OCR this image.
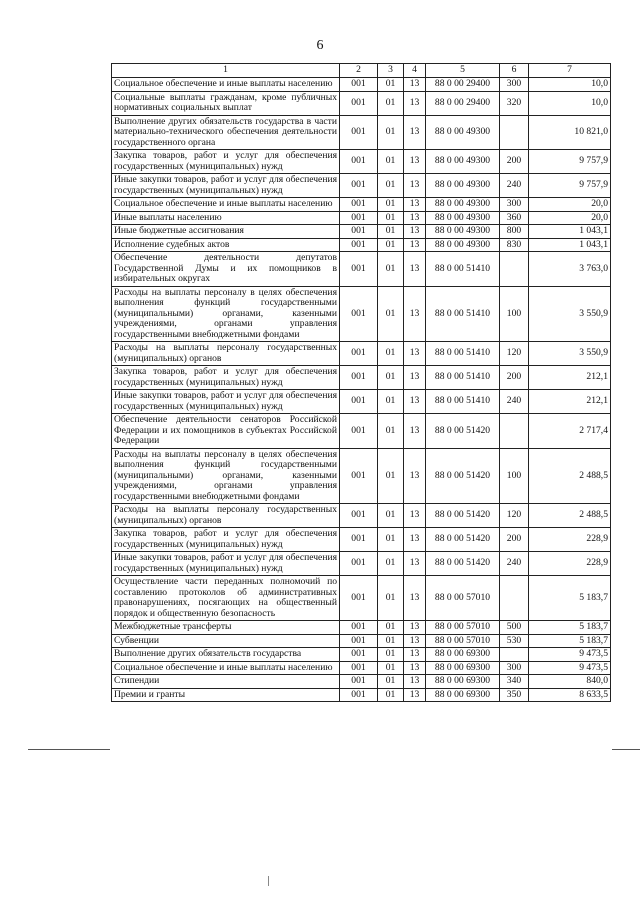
6
1	2	3	4	5	6	7
Социальное обеспечение и иные выплаты населению	001	01	13	88 0 00 29400	300	10,0
Социальные выплаты гражданам, кроме публичных нормативных социальных выплат	001	01	13	88 0 00 29400	320	10,0
Выполнение других обязательств государства в части материально-технического обеспечения деятельности государственного органа	001	01	13	88 0 00 49300		10 821,0
Закупка товаров, работ и услуг для обеспечения государственных (муниципальных) нужд	001	01	13	88 0 00 49300	200	9 757,9
Иные закупки товаров, работ и услуг для обеспечения государственных (муниципальных) нужд	001	01	13	88 0 00 49300	240	9 757,9
Социальное обеспечение и иные выплаты населению	001	01	13	88 0 00 49300	300	20,0
Иные выплаты населению	001	01	13	88 0 00 49300	360	20,0
Иные бюджетные ассигнования	001	01	13	88 0 00 49300	800	1 043,1
Исполнение судебных актов	001	01	13	88 0 00 49300	830	1 043,1
Обеспечение деятельности депутатов Государственной Думы и их помощников в избирательных округах	001	01	13	88 0 00 51410		3 763,0
Расходы на выплаты персоналу в целях обеспечения выполнения функций государственными (муниципальными) органами, казенными учреждениями, органами управления государственными внебюджетными фондами	001	01	13	88 0 00 51410	100	3 550,9
Расходы на выплаты персоналу государственных (муниципальных) органов	001	01	13	88 0 00 51410	120	3 550,9
Закупка товаров, работ и услуг для обеспечения государственных (муниципальных) нужд	001	01	13	88 0 00 51410	200	212,1
Иные закупки товаров, работ и услуг для обеспечения государственных (муниципальных) нужд	001	01	13	88 0 00 51410	240	212,1
Обеспечение деятельности сенаторов Российской Федерации и их помощников в субъектах Российской Федерации	001	01	13	88 0 00 51420		2 717,4
Расходы на выплаты персоналу в целях обеспечения выполнения функций государственными (муниципальными) органами, казенными учреждениями, органами управления государственными внебюджетными фондами	001	01	13	88 0 00 51420	100	2 488,5
Расходы на выплаты персоналу государственных (муниципальных) органов	001	01	13	88 0 00 51420	120	2 488,5
Закупка товаров, работ и услуг для обеспечения государственных (муниципальных) нужд	001	01	13	88 0 00 51420	200	228,9
Иные закупки товаров, работ и услуг для обеспечения государственных (муниципальных) нужд	001	01	13	88 0 00 51420	240	228,9
Осуществление части переданных полномочий по составлению протоколов об административных правонарушениях, посягающих на общественный порядок и общественную безопасность	001	01	13	88 0 00 57010		5 183,7
Межбюджетные трансферты	001	01	13	88 0 00 57010	500	5 183,7
Субвенции	001	01	13	88 0 00 57010	530	5 183,7
Выполнение других обязательств государства	001	01	13	88 0 00 69300		9 473,5
Социальное обеспечение и иные выплаты населению	001	01	13	88 0 00 69300	300	9 473,5
Стипендии	001	01	13	88 0 00 69300	340	840,0
Премии и гранты	001	01	13	88 0 00 69300	350	8 633,5
